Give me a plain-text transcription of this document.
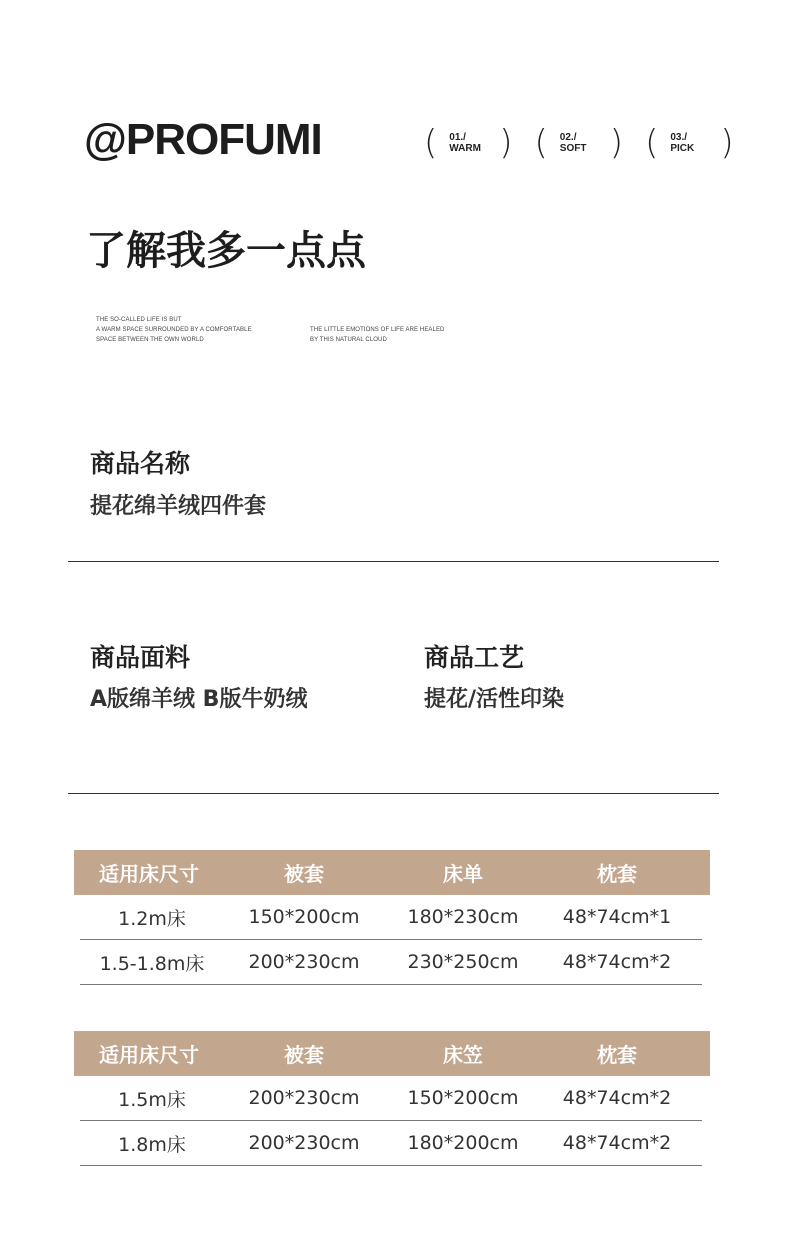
@PROFUMI	(	01./
WARM ) (	02./
SOFT ) (	03./
PICK )
了解我多一点点
THE SO-CALLED LIFE IS BUT
A WARM SPACE SURROUNDED BY A COMFORTABLE
SPACE BETWEEN THE OWN WORLD
THE LITTLE EMOTIONS OF LIFE ARE HEALED
BY THIS NATURAL CLOUD
商品名称
提花绵羊绒四件套
商品面料
A版绵羊绒 B版牛奶绒
商品工艺
提花/活性印染
适用床尺寸	被套	床单	枕套
1.2m床	150*200cm	180*230cm	48*74cm*1
1.5-1.8m床	200*230cm	230*250cm	48*74cm*2
适用床尺寸	被套	床笠	枕套
1.5m床	200*230cm	150*200cm	48*74cm*2
1.8m床	200*230cm	180*200cm	48*74cm*2
